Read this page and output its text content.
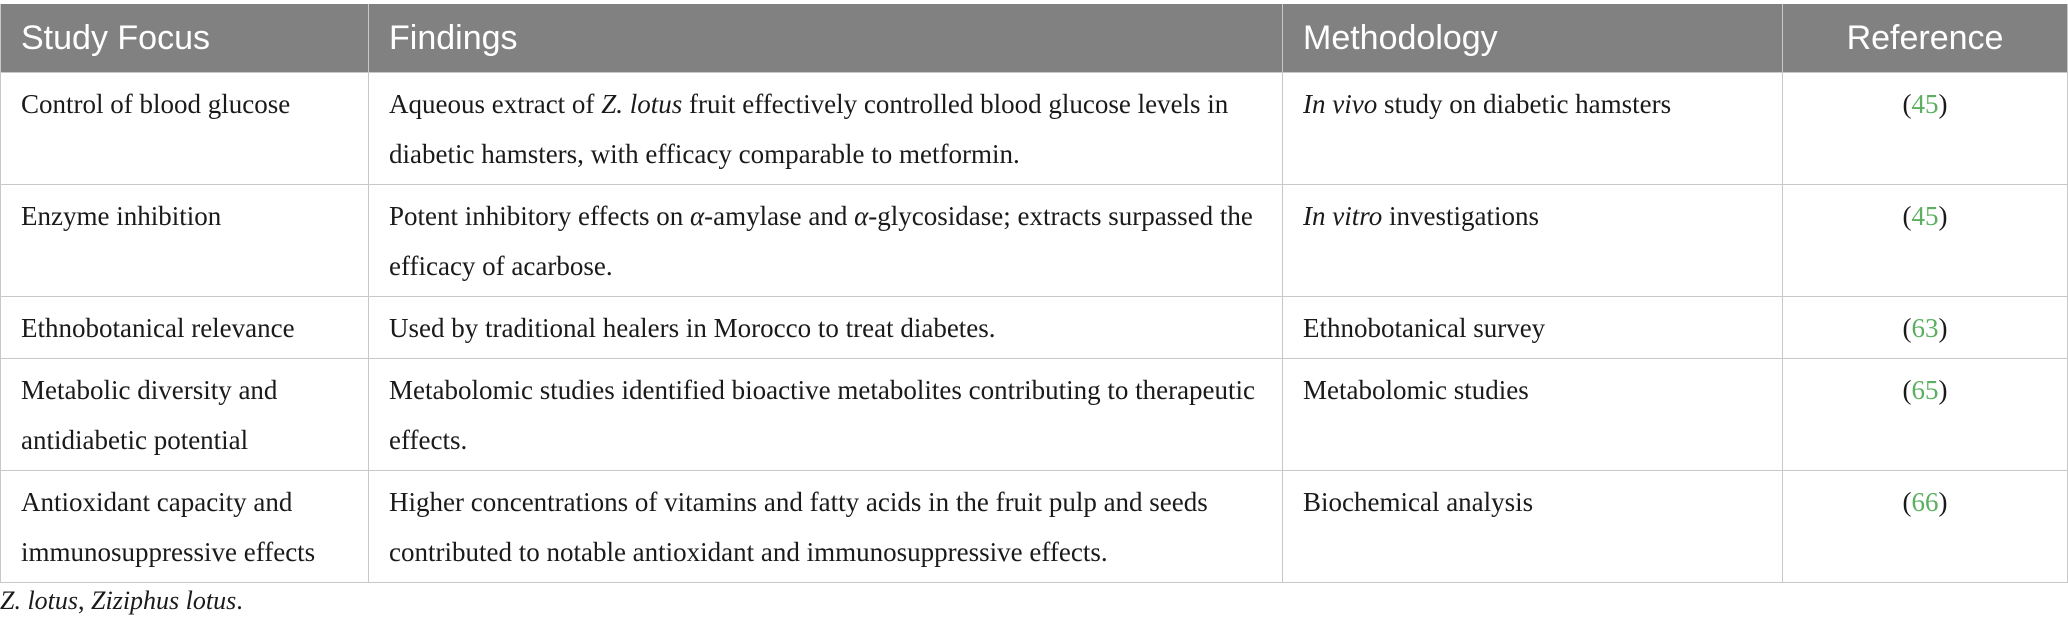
Study Focus	Findings	Methodology	Reference
Control of blood glucose	Aqueous extract of Z. lotus fruit effectively controlled blood glucose levels in diabetic hamsters, with efficacy comparable to metformin.	In vivo study on diabetic hamsters	(45)
Enzyme inhibition	Potent inhibitory effects on α-amylase and α-glycosidase; extracts surpassed the efficacy of acarbose.	In vitro investigations	(45)
Ethnobotanical relevance	Used by traditional healers in Morocco to treat diabetes.	Ethnobotanical survey	(63)
Metabolic diversity and antidiabetic potential	Metabolomic studies identified bioactive metabolites contributing to therapeutic effects.	Metabolomic studies	(65)
Antioxidant capacity and immunosuppressive effects	Higher concentrations of vitamins and fatty acids in the fruit pulp and seeds contributed to notable antioxidant and immunosuppressive effects.	Biochemical analysis	(66)
Z. lotus, Ziziphus lotus.
